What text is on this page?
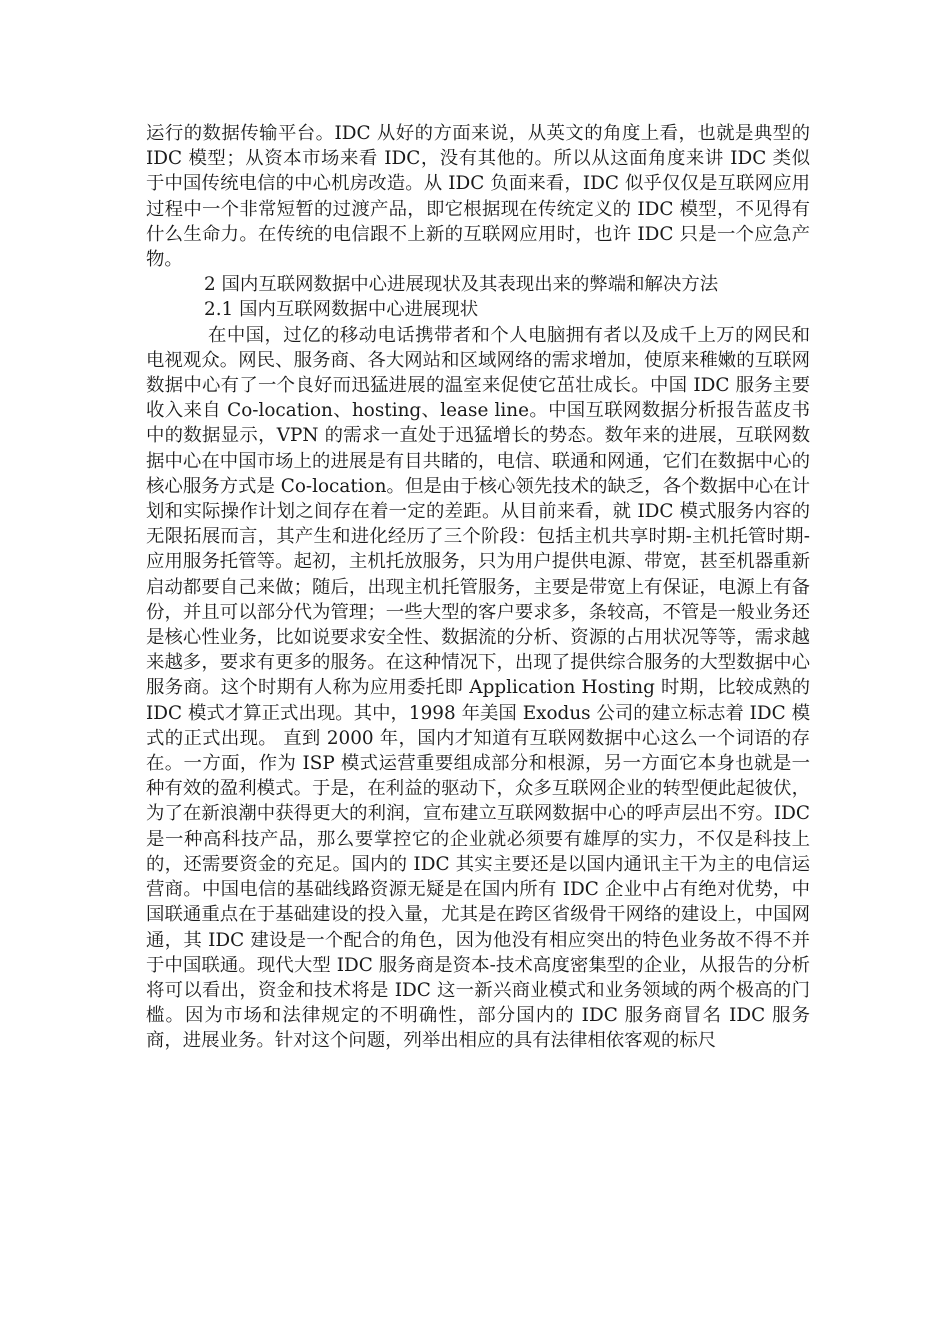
运行的数据传输平台。IDC 从好的方面来说，从英文的角度上看，也就是典型的 IDC 模型；从资本市场来看 IDC，没有其他的。所以从这面角度来讲 IDC 类似于中国传统电信的中心机房改造。从 IDC 负面来看，IDC 似乎仅仅是互联网应用过程中一个非常短暂的过渡产品，即它根据现在传统定义的 IDC 模型，不见得有什么生命力。在传统的电信跟不上新的互联网应用时，也许 IDC 只是一个应急产物。

2 国内互联网数据中心进展现状及其表现出来的弊端和解决方法

2.1 国内互联网数据中心进展现状

在中国，过亿的移动电话携带者和个人电脑拥有者以及成千上万的网民和电视观众。网民、服务商、各大网站和区域网络的需求增加，使原来稚嫩的互联网数据中心有了一个良好而迅猛进展的温室来促使它茁壮成长。中国 IDC 服务主要收入来自 Co-location、hosting、lease line。中国互联网数据分析报告蓝皮书中的数据显示，VPN 的需求一直处于迅猛增长的势态。数年来的进展，互联网数据中心在中国市场上的进展是有目共睹的，电信、联通和网通，它们在数据中心的核心服务方式是 Co-location。但是由于核心领先技术的缺乏，各个数据中心在计划和实际操作计划之间存在着一定的差距。从目前来看，就 IDC 模式服务内容的无限拓展而言，其产生和进化经历了三个阶段：包括主机共享时期-主机托管时期-应用服务托管等。起初，主机托放服务，只为用户提供电源、带宽，甚至机器重新启动都要自己来做；随后，出现主机托管服务，主要是带宽上有保证，电源上有备份，并且可以部分代为管理；一些大型的客户要求多，条较高，不管是一般业务还是核心性业务，比如说要求安全性、数据流的分析、资源的占用状况等等，需求越来越多，要求有更多的服务。在这种情况下，出现了提供综合服务的大型数据中心服务商。这个时期有人称为应用委托即 Application Hosting 时期，比较成熟的 IDC 模式才算正式出现。其中，1998 年美国 Exodus 公司的建立标志着 IDC 模式的正式出现。 直到 2000 年，国内才知道有互联网数据中心这么一个词语的存在。一方面，作为 ISP 模式运营重要组成部分和根源，另一方面它本身也就是一种有效的盈利模式。于是，在利益的驱动下，众多互联网企业的转型便此起彼伏，为了在新浪潮中获得更大的利润，宣布建立互联网数据中心的呼声层出不穷。IDC 是一种高科技产品，那么要掌控它的企业就必须要有雄厚的实力，不仅是科技上的，还需要资金的充足。国内的 IDC 其实主要还是以国内通讯主干为主的电信运营商。中国电信的基础线路资源无疑是在国内所有 IDC 企业中占有绝对优势，中国联通重点在于基础建设的投入量，尤其是在跨区省级骨干网络的建设上，中国网通，其 IDC 建设是一个配合的角色，因为他没有相应突出的特色业务故不得不并于中国联通。现代大型 IDC 服务商是资本-技术高度密集型的企业，从报告的分析将可以看出，资金和技术将是 IDC 这一新兴商业模式和业务领域的两个极高的门槛。因为市场和法律规定的不明确性，部分国内的 IDC 服务商冒名 IDC 服务商，进展业务。针对这个问题，列举出相应的具有法律相依客观的标尺
